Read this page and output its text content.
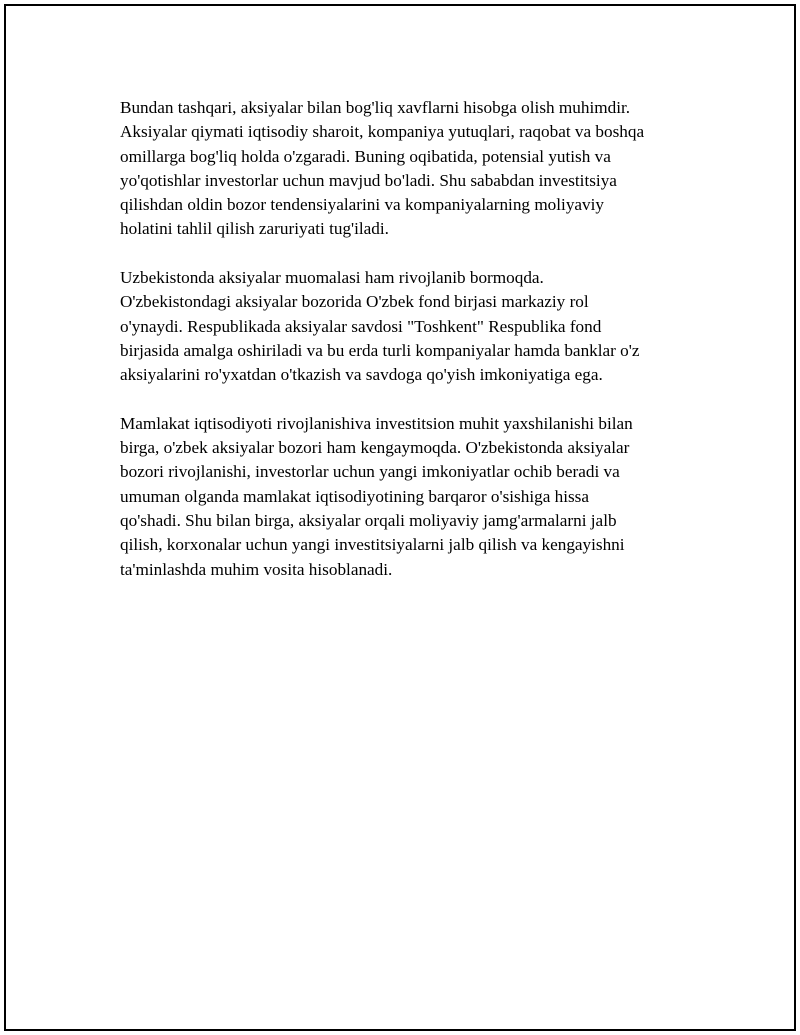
Bundan tashqari, aksiyalar bilan bog'liq xavflarni hisobga olish muhimdir.
Aksiyalar qiymati iqtisodiy sharoit, kompaniya yutuqlari, raqobat va boshqa
omillarga bog'liq holda o'zgaradi. Buning oqibatida, potensial yutish va
yo'qotishlar investorlar uchun mavjud bo'ladi. Shu sababdan investitsiya
qilishdan oldin bozor tendensiyalarini va kompaniyalarning moliyaviy
holatini tahlil qilish zaruriyati tug'iladi.

Uzbekistonda aksiyalar muomalasi ham rivojlanib bormoqda.
O'zbekistondagi aksiyalar bozorida O'zbek fond birjasi markaziy rol
o'ynaydi. Respublikada aksiyalar savdosi "Toshkent" Respublika fond
birjasida amalga oshiriladi va bu erda turli kompaniyalar hamda banklar o'z
aksiyalarini ro'yxatdan o'tkazish va savdoga qo'yish imkoniyatiga ega.

Mamlakat iqtisodiyoti rivojlanishiva investitsion muhit yaxshilanishi bilan
birga, o'zbek aksiyalar bozori ham kengaymoqda. O'zbekistonda aksiyalar
bozori rivojlanishi, investorlar uchun yangi imkoniyatlar ochib beradi va
umuman olganda mamlakat iqtisodiyotining barqaror o'sishiga hissa
qo'shadi. Shu bilan birga, aksiyalar orqali moliyaviy jamg'armalarni jalb
qilish, korxonalar uchun yangi investitsiyalarni jalb qilish va kengayishni
ta'minlashda muhim vosita hisoblanadi.
